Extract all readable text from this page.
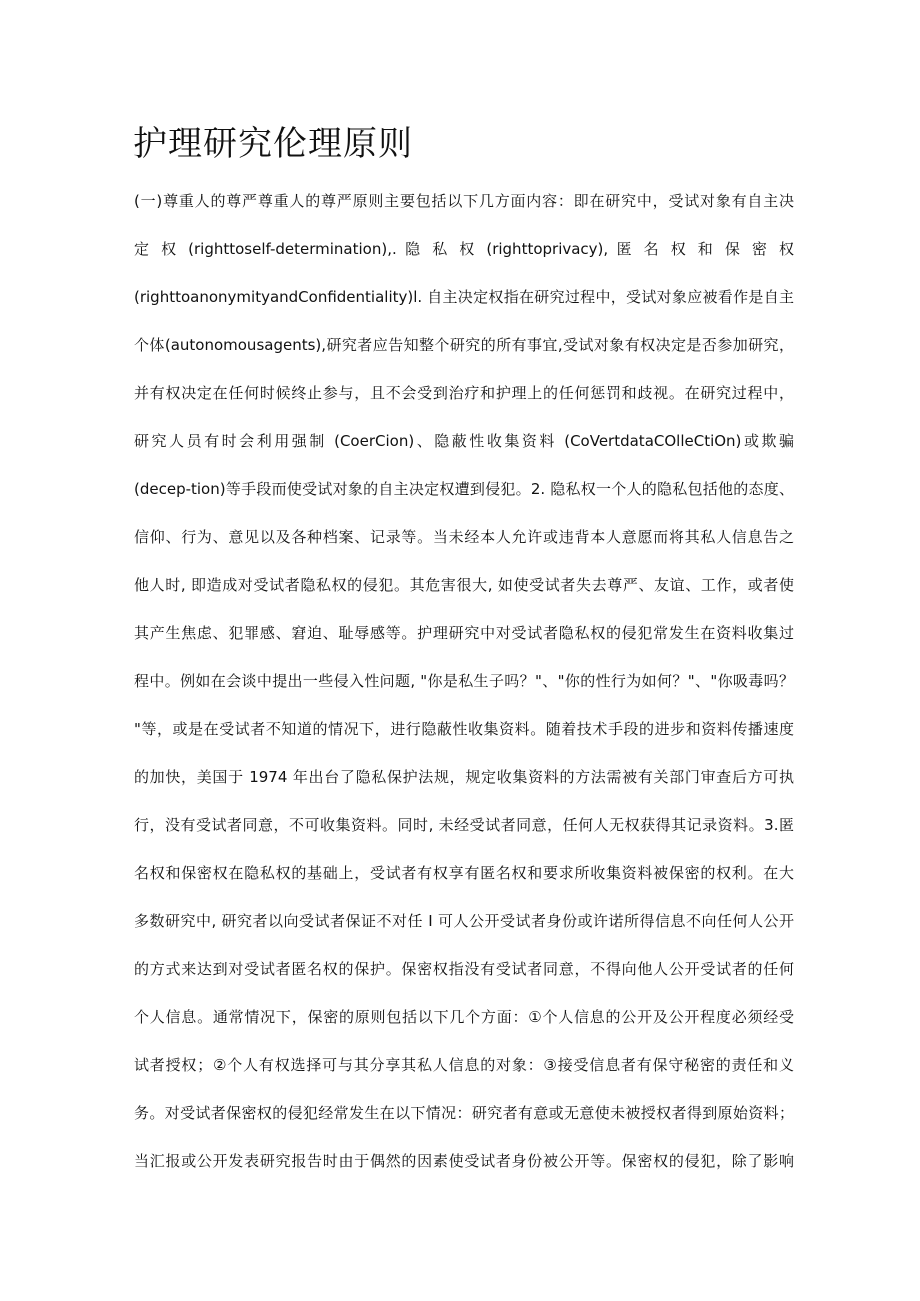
护理研究伦理原则
(一)尊重人的尊严尊重人的尊严原则主要包括以下几方面内容：即在研究中，受试对象有自主决
定 权 (righttoself-determination),. 隐 私 权 (righttoprivacy), 匿 名 权 和 保 密 权
(righttoanonymityandConfidentiality)l. 自主决定权指在研究过程中，受试对象应被看作是自主
个体(autonomousagents),研究者应告知整个研究的所有事宜,受试对象有权决定是否参加研究，
并有权决定在任何时候终止参与，且不会受到治疗和护理上的任何惩罚和歧视。在研究过程中，
研究人员有时会利用强制 (CoerCion)、隐蔽性收集资料 (CoVertdataCOlleCtiOn)或欺骗
(decep-tion)等手段而使受试对象的自主决定权遭到侵犯。2. 隐私权一个人的隐私包括他的态度、
信仰、行为、意见以及各种档案、记录等。当未经本人允许或违背本人意愿而将其私人信息告之
他人时, 即造成对受试者隐私权的侵犯。其危害很大, 如使受试者失去尊严、友谊、工作，或者使
其产生焦虑、犯罪感、窘迫、耻辱感等。护理研究中对受试者隐私权的侵犯常发生在资料收集过
程中。例如在会谈中提出一些侵入性问题, "你是私生子吗？"、"你的性行为如何？"、"你吸毒吗？
"等，或是在受试者不知道的情况下，进行隐蔽性收集资料。随着技术手段的进步和资料传播速度
的加快，美国于 1974 年出台了隐私保护法规，规定收集资料的方法需被有关部门审查后方可执
行，没有受试者同意，不可收集资料。同时, 未经受试者同意，任何人无权获得其记录资料。3.匿
名权和保密权在隐私权的基础上，受试者有权享有匿名权和要求所收集资料被保密的权利。在大
多数研究中, 研究者以向受试者保证不对任 I 可人公开受试者身份或许诺所得信息不向任何人公开
的方式来达到对受试者匿名权的保护。保密权指没有受试者同意，不得向他人公开受试者的任何
个人信息。通常情况下，保密的原则包括以下几个方面：①个人信息的公开及公开程度必须经受
试者授权；②个人有权选择可与其分享其私人信息的对象：③接受信息者有保守秘密的责任和义
务。对受试者保密权的侵犯经常发生在以下情况：研究者有意或无意使未被授权者得到原始资料；
当汇报或公开发表研究报告时由于偶然的因素使受试者身份被公开等。保密权的侵犯，除了影响
